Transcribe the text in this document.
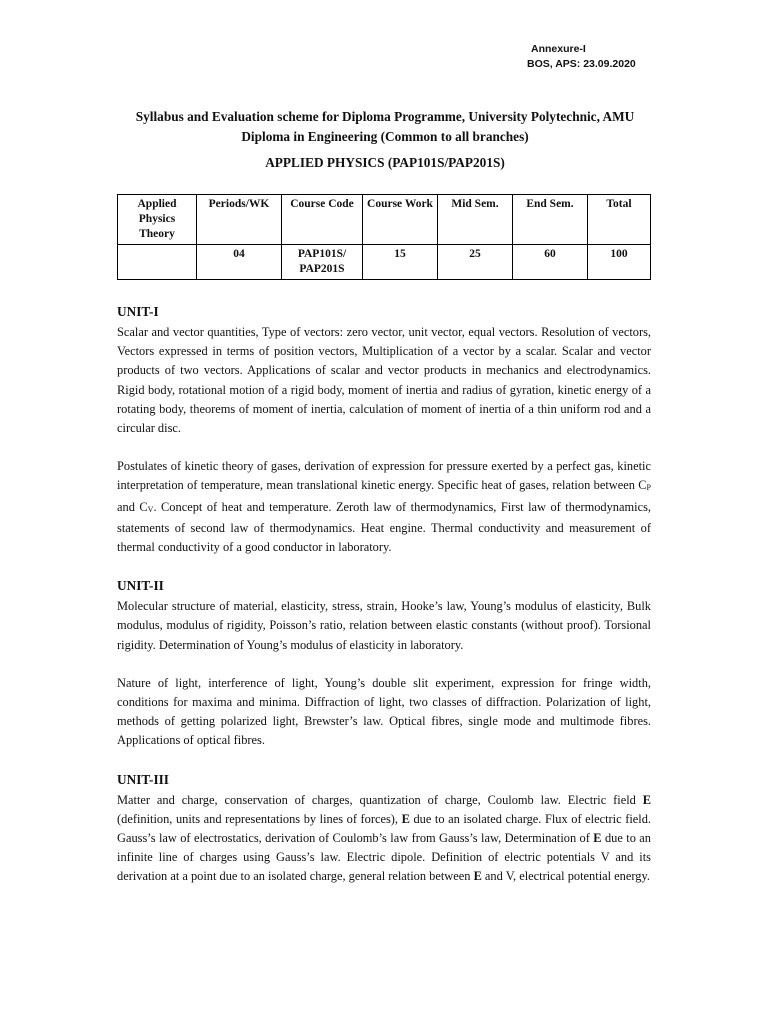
Annexure-I
BOS, APS: 23.09.2020
Syllabus and Evaluation scheme for Diploma Programme, University Polytechnic, AMU
Diploma in Engineering (Common to all branches)
APPLIED PHYSICS (PAP101S/PAP201S)
Applied Physics Theory	Periods/WK	Course Code	Course Work	Mid Sem.	End Sem.	Total
	04	PAP101S/ PAP201S	15	25	60	100
UNIT-I

Scalar and vector quantities, Type of vectors: zero vector, unit vector, equal vectors. Resolution of vectors, Vectors expressed in terms of position vectors, Multiplication of a vector by a scalar. Scalar and vector products of two vectors. Applications of scalar and vector products in mechanics and electrodynamics. Rigid body, rotational motion of a rigid body, moment of inertia and radius of gyration, kinetic energy of a rotating body, theorems of moment of inertia, calculation of moment of inertia of a thin uniform rod and a circular disc.

Postulates of kinetic theory of gases, derivation of expression for pressure exerted by a perfect gas, kinetic interpretation of temperature, mean translational kinetic energy. Specific heat of gases, relation between $C_P$ and $C_V$. Concept of heat and temperature. Zeroth law of thermodynamics, First law of thermodynamics, statements of second law of thermodynamics. Heat engine. Thermal conductivity and measurement of thermal conductivity of a good conductor in laboratory.

UNIT-II

Molecular structure of material, elasticity, stress, strain, Hooke’s law, Young’s modulus of elasticity, Bulk modulus, modulus of rigidity, Poisson’s ratio, relation between elastic constants (without proof). Torsional rigidity. Determination of Young’s modulus of elasticity in laboratory.

Nature of light, interference of light, Young’s double slit experiment, expression for fringe width, conditions for maxima and minima. Diffraction of light, two classes of diffraction. Polarization of light, methods of getting polarized light, Brewster’s law. Optical fibres, single mode and multimode fibres. Applications of optical fibres.

UNIT-III

Matter and charge, conservation of charges, quantization of charge, Coulomb law. Electric field E (definition, units and representations by lines of forces), E due to an isolated charge. Flux of electric field. Gauss’s law of electrostatics, derivation of Coulomb’s law from Gauss’s law, Determination of E due to an infinite line of charges using Gauss’s law. Electric dipole. Definition of electric potentials V and its derivation at a point due to an isolated charge, general relation between E and V, electrical potential energy.
